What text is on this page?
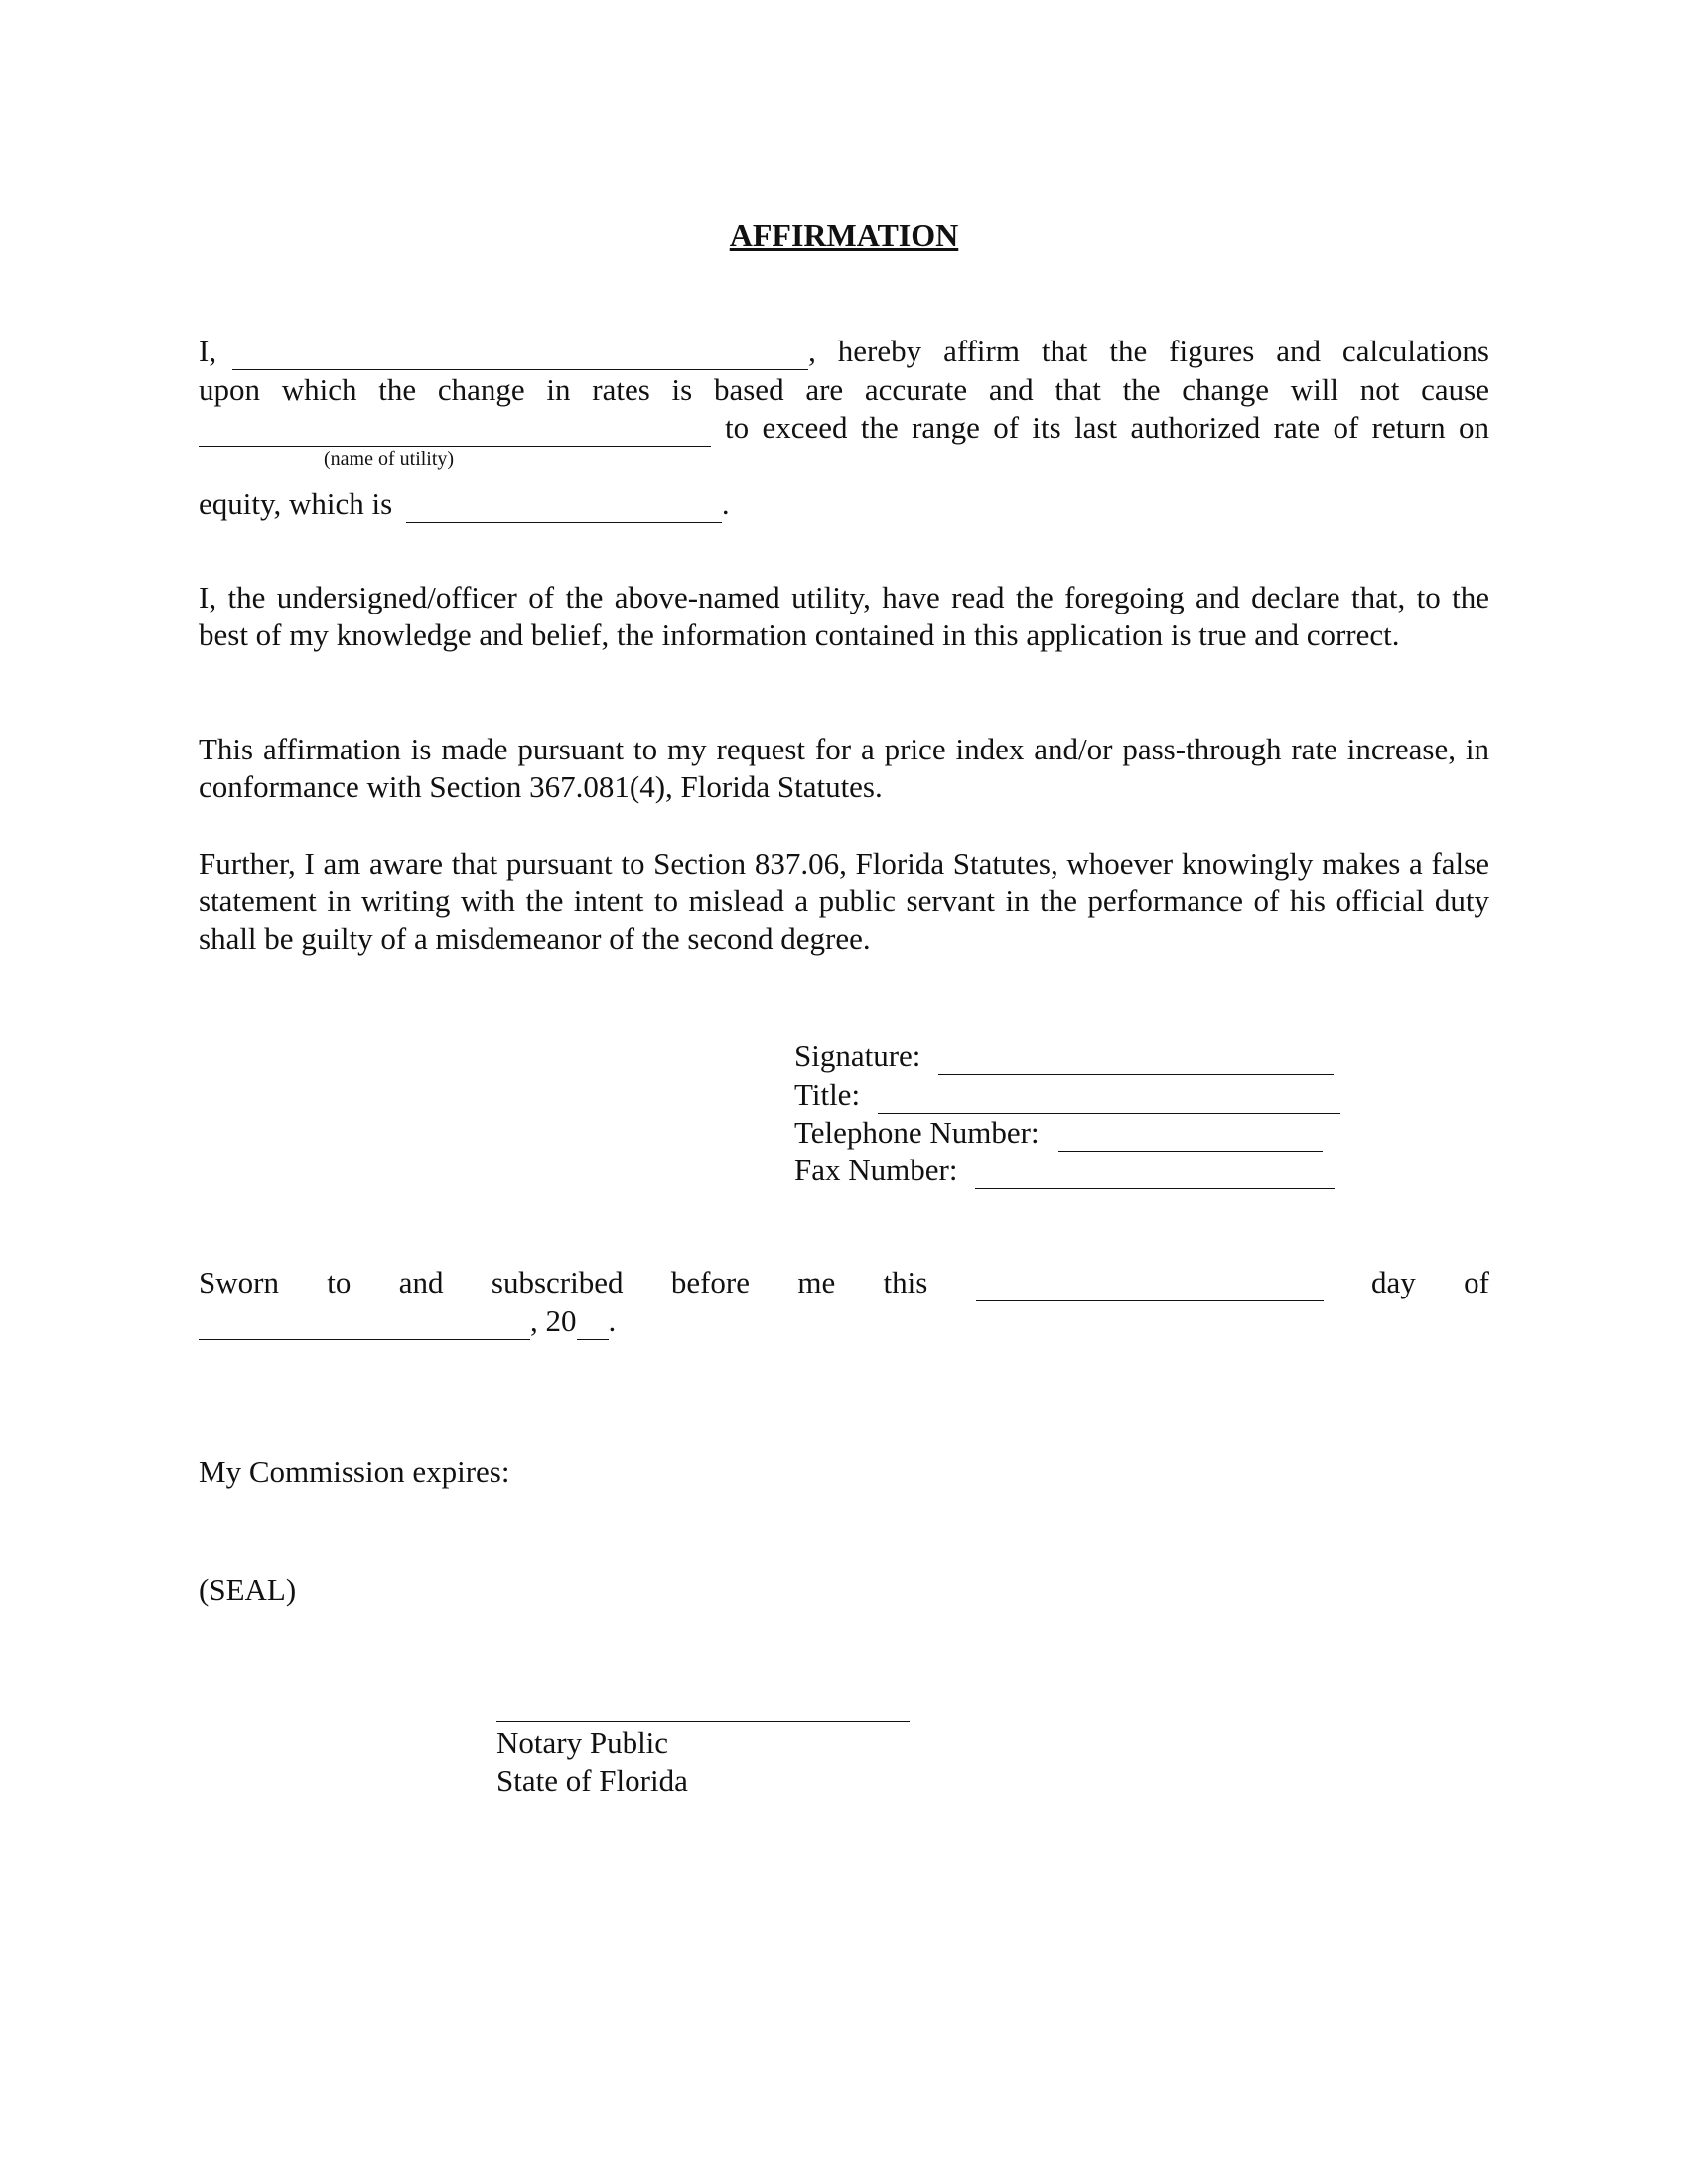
AFFIRMATION
I,	, hereby affirm that the figures and calculations
upon which the change in rates is based are accurate and that the change will not cause
to exceed the range of its last authorized rate of return on
(name of utility)
equity, which is	.
I, the undersigned/officer of the above-named utility, have read the foregoing and declare that, to the best of my knowledge and belief, the information contained in this application is true and correct.
This affirmation is made pursuant to my request for a price index and/or pass-through rate increase, in conformance with Section 367.081(4), Florida Statutes.
Further, I am aware that pursuant to Section 837.06, Florida Statutes, whoever knowingly makes a false statement in writing with the intent to mislead a public servant in the performance of his official duty shall be guilty of a misdemeanor of the second degree.
Signature:
Title:
Telephone Number:
Fax Number:
Sworn to and subscribed before me this	day of
, 20 .
My Commission expires:
(SEAL)
Notary Public
State of Florida
